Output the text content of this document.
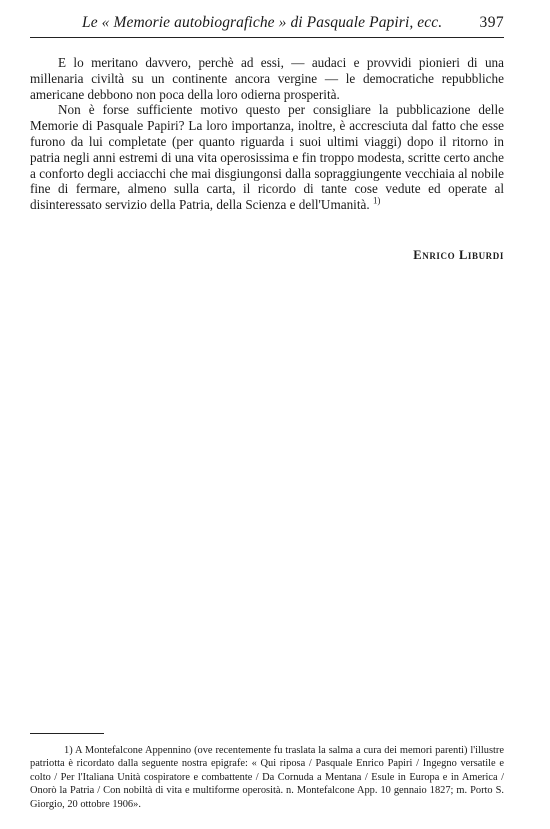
Le « Memorie autobiografiche » di Pasquale Papiri, ecc. 397

E lo meritano davvero, perchè ad essi, — audaci e provvidi pionieri di una millenaria civiltà su un continente ancora vergine — le democratiche repubbliche americane debbono non poca della loro odierna prosperità.

Non è forse sufficiente motivo questo per consigliare la pubblicazione delle Memorie di Pasquale Papiri? La loro importanza, inoltre, è accresciuta dal fatto che esse furono da lui completate (per quanto riguarda i suoi ultimi viaggi) dopo il ritorno in patria negli anni estremi di una vita operosissima e fin troppo modesta, scritte certo anche a conforto degli acciacchi che mai disgiungonsi dalla sopraggiungente vecchiaia al nobile fine di fermare, almeno sulla carta, il ricordo di tante cose vedute ed operate al disinteressato servizio della Patria, della Scienza e dell'Umanità. $^{1)}$

Enrico Liburdi

1) A Montefalcone Appennino (ove recentemente fu traslata la salma a cura dei memori parenti) l'illustre patriotta è ricordato dalla seguente nostra epigrafe: « Qui riposa / Pasquale Enrico Papiri / Ingegno versatile e colto / Per l'Italiana Unità cospiratore e combattente / Da Cornuda a Mentana / Esule in Europa e in America / Onorò la Patria / Con nobiltà di vita e multiforme operosità. n. Montefalcone App. 10 gennaio 1827; m. Porto S. Giorgio, 20 ottobre 1906».
